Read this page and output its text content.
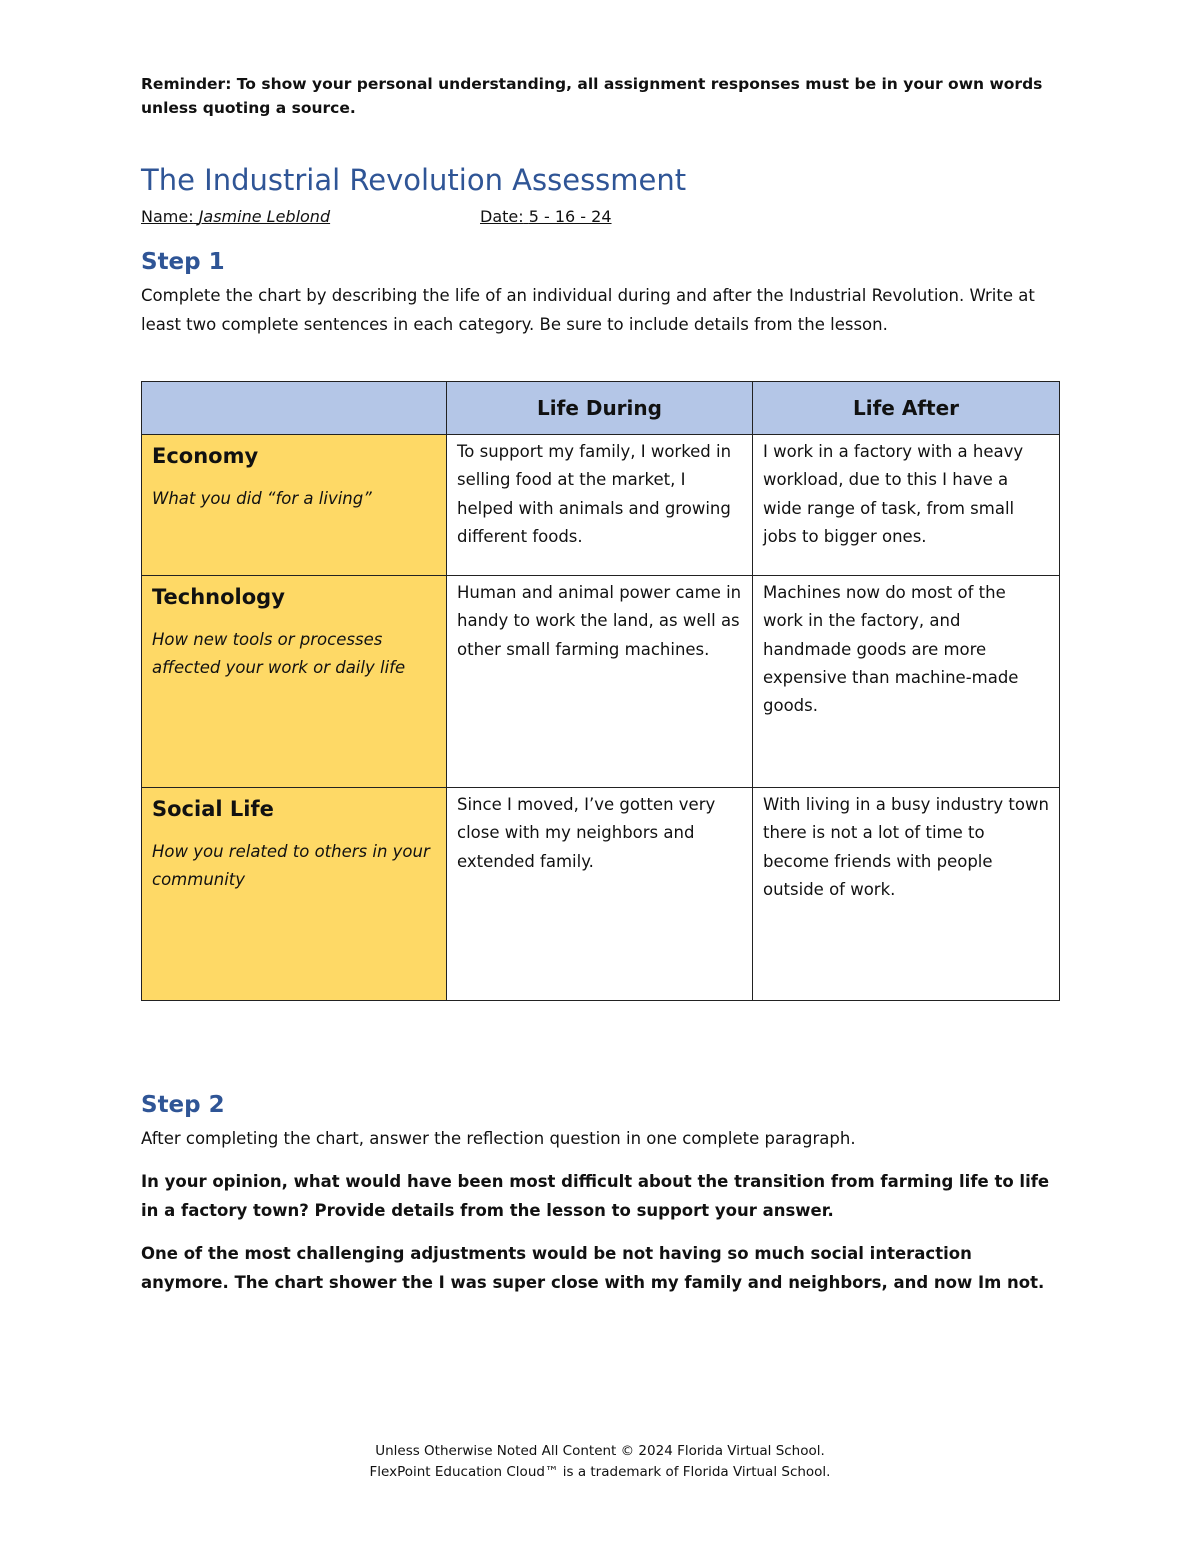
Reminder: To show your personal understanding, all assignment responses must be in your own words unless quoting a source.
The Industrial Revolution Assessment
Name: Jasmine Leblond	Date: 5 - 16 - 24
Step 1

Complete the chart by describing the life of an individual during and after the Industrial Revolution. Write at least two complete sentences in each category. Be sure to include details from the lesson.

	Life During	Life After

Economy
What you did “for a living”	To support my family, I worked in selling food at the market, I helped with animals and growing different foods.	I work in a factory with a heavy workload, due to this I have a wide range of task, from small jobs to bigger ones.

Technology
How new tools or processes affected your work or daily life	Human and animal power came in handy to work the land, as well as other small farming machines.	Machines now do most of the work in the factory, and handmade goods are more expensive than machine-made goods.

Social Life
How you related to others in your community	Since I moved, I’ve gotten very close with my neighbors and extended family.	With living in a busy industry town there is not a lot of time to become friends with people outside of work.
Step 2

After completing the chart, answer the reflection question in one complete paragraph.

In your opinion, what would have been most difficult about the transition from farming life to life in a factory town? Provide details from the lesson to support your answer.

One of the most challenging adjustments would be not having so much social interaction anymore. The chart shower the I was super close with my family and neighbors, and now Im not.

Unless Otherwise Noted All Content © 2024 Florida Virtual School.
FlexPoint Education Cloud™ is a trademark of Florida Virtual School.
